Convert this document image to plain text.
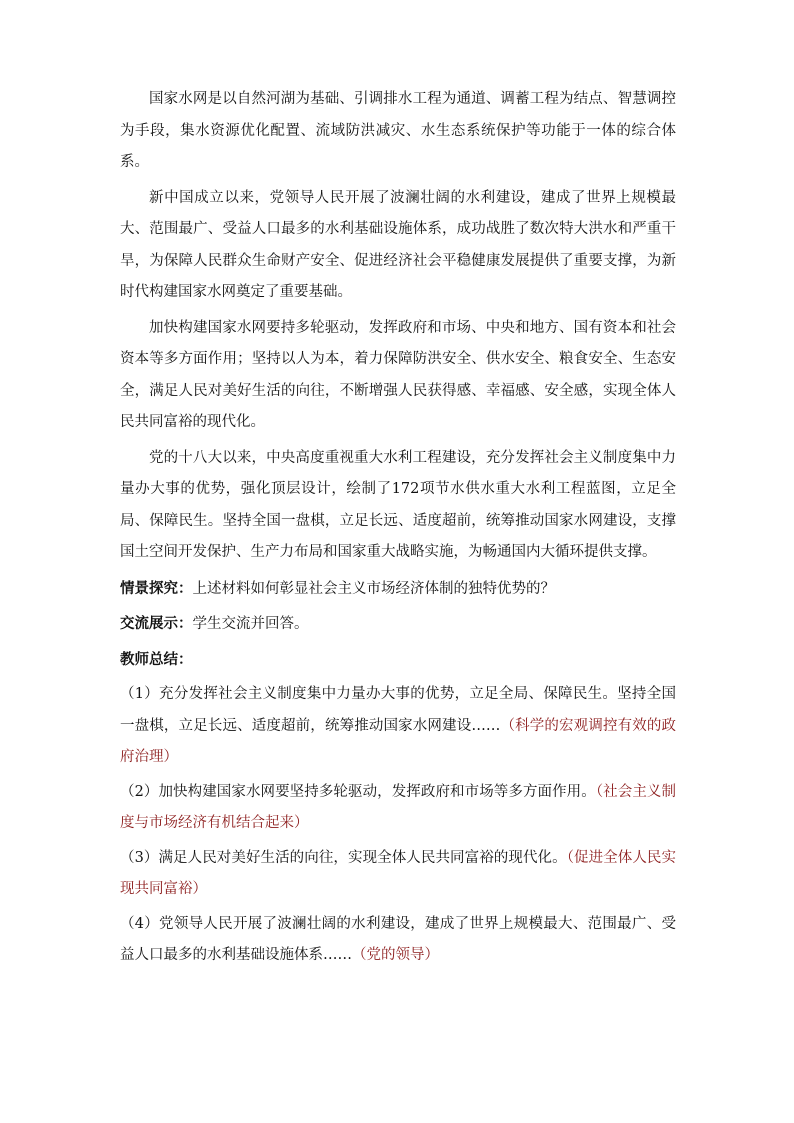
国家水网是以自然河湖为基础、引调排水工程为通道、调蓄工程为结点、智慧调控为手段，集水资源优化配置、流域防洪减灾、水生态系统保护等功能于一体的综合体系。

新中国成立以来，党领导人民开展了波澜壮阔的水利建设，建成了世界上规模最大、范围最广、受益人口最多的水利基础设施体系，成功战胜了数次特大洪水和严重干旱，为保障人民群众生命财产安全、促进经济社会平稳健康发展提供了重要支撑，为新时代构建国家水网奠定了重要基础。

加快构建国家水网要持多轮驱动，发挥政府和市场、中央和地方、国有资本和社会资本等多方面作用；坚持以人为本，着力保障防洪安全、供水安全、粮食安全、生态安全，满足人民对美好生活的向往，不断增强人民获得感、幸福感、安全感，实现全体人民共同富裕的现代化。

党的十八大以来，中央高度重视重大水利工程建设，充分发挥社会主义制度集中力量办大事的优势，强化顶层设计，绘制了172项节水供水重大水利工程蓝图，立足全局、保障民生。坚持全国一盘棋，立足长远、适度超前，统筹推动国家水网建设，支撑国土空间开发保护、生产力布局和国家重大战略实施，为畅通国内大循环提供支撑。

情景探究：上述材料如何彰显社会主义市场经济体制的独特优势的？

交流展示：学生交流并回答。

教师总结：

（1）充分发挥社会主义制度集中力量办大事的优势，立足全局、保障民生。坚持全国一盘棋，立足长远、适度超前，统筹推动国家水网建设……（科学的宏观调控有效的政府治理）

（2）加快构建国家水网要坚持多轮驱动，发挥政府和市场等多方面作用。（社会主义制度与市场经济有机结合起来）

（3）满足人民对美好生活的向往，实现全体人民共同富裕的现代化。（促进全体人民实现共同富裕）

（4）党领导人民开展了波澜壮阔的水利建设，建成了世界上规模最大、范围最广、受益人口最多的水利基础设施体系……（党的领导）
